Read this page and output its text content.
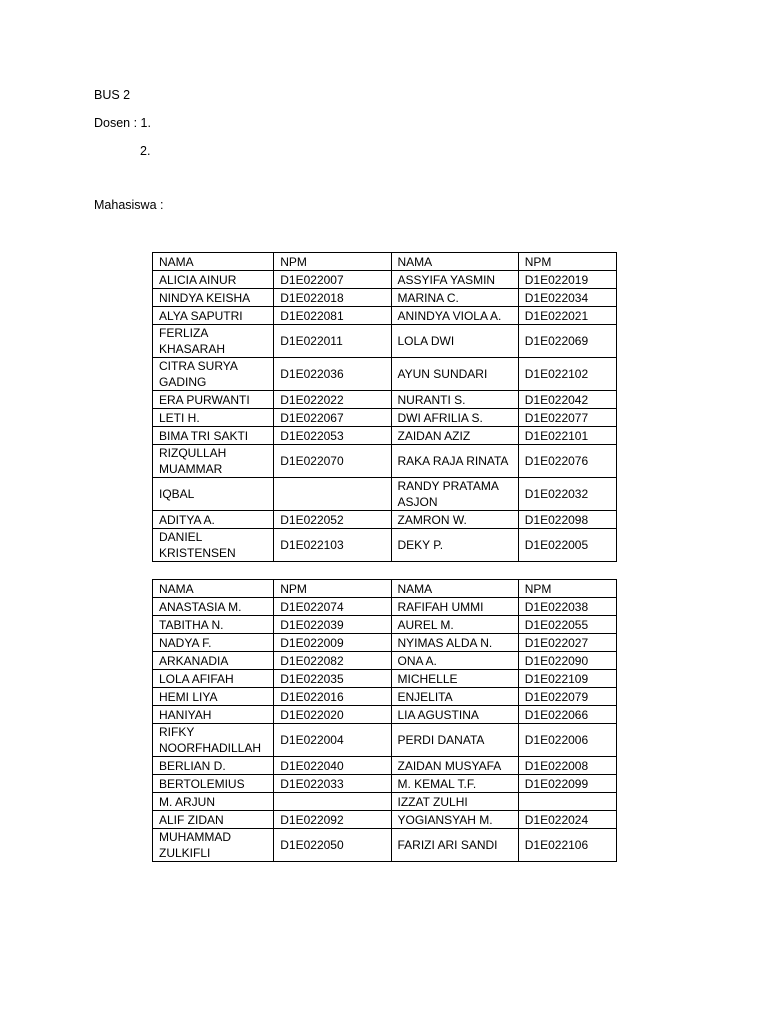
BUS 2
Dosen : 1.
2.
Mahasiswa :
NAMA	NPM	NAMA	NPM
ALICIA AINUR	D1E022007	ASSYIFA YASMIN	D1E022019
NINDYA KEISHA	D1E022018	MARINA C.	D1E022034
ALYA SAPUTRI	D1E022081	ANINDYA VIOLA A.	D1E022021
FERLIZA KHASARAH	D1E022011	LOLA DWI	D1E022069
CITRA SURYA GADING	D1E022036	AYUN SUNDARI	D1E022102
ERA PURWANTI	D1E022022	NURANTI S.	D1E022042
LETI H.	D1E022067	DWI AFRILIA S.	D1E022077
BIMA TRI SAKTI	D1E022053	ZAIDAN AZIZ	D1E022101
RIZQULLAH MUAMMAR	D1E022070	RAKA RAJA RINATA	D1E022076
IQBAL		RANDY PRATAMA ASJON	D1E022032
ADITYA A.	D1E022052	ZAMRON W.	D1E022098
DANIEL KRISTENSEN	D1E022103	DEKY P.	D1E022005
NAMA	NPM	NAMA	NPM
ANASTASIA M.	D1E022074	RAFIFAH UMMI	D1E022038
TABITHA N.	D1E022039	AUREL M.	D1E022055
NADYA F.	D1E022009	NYIMAS ALDA N.	D1E022027
ARKANADIA	D1E022082	ONA A.	D1E022090
LOLA AFIFAH	D1E022035	MICHELLE	D1E022109
HEMI LIYA	D1E022016	ENJELITA	D1E022079
HANIYAH	D1E022020	LIA AGUSTINA	D1E022066
RIFKY NOORFHADILLAH	D1E022004	PERDI DANATA	D1E022006
BERLIAN D.	D1E022040	ZAIDAN MUSYAFA	D1E022008
BERTOLEMIUS	D1E022033	M. KEMAL T.F.	D1E022099
M. ARJUN		IZZAT ZULHI	
ALIF ZIDAN	D1E022092	YOGIANSYAH M.	D1E022024
MUHAMMAD ZULKIFLI	D1E022050	FARIZI ARI SANDI	D1E022106
